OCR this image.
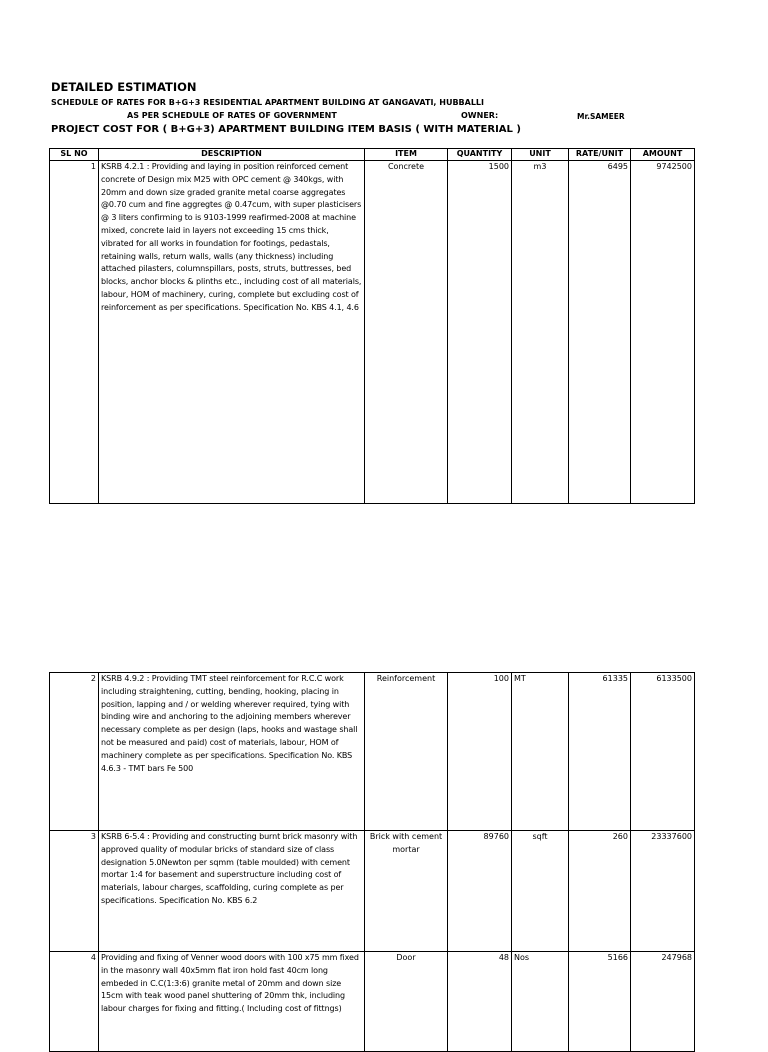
DETAILED ESTIMATION
SCHEDULE OF RATES FOR B+G+3 RESIDENTIAL APARTMENT BUILDING AT GANGAVATI, HUBBALLI
AS PER SCHEDULE OF RATES OF GOVERNMENT	OWNER:	Mr.SAMEER
PROJECT COST FOR ( B+G+3) APARTMENT BUILDING ITEM BASIS ( WITH MATERIAL )
SL NO	DESCRIPTION	ITEM	QUANTITY	UNIT	RATE/UNIT	AMOUNT
1	KSRB 4.2.1 : Providing and laying in position reinforced cement concrete of Design mix M25 with OPC cement @ 340kgs, with 20mm and down size graded granite metal coarse aggregates @0.70 cum and fine aggregtes @ 0.47cum, with super plasticisers @ 3 liters confirming to is 9103-1999 reafirmed-2008 at machine mixed, concrete laid in layers not exceeding 15 cms thick, vibrated for all works in foundation for footings, pedastals, retaining walls, return walls, walls (any thickness) including attached pilasters, columnspillars, posts, struts, buttresses, bed blocks, anchor blocks & plinths etc., including cost of all materials, labour, HOM of machinery, curing, complete but excluding cost of reinforcement as per specifications. Specification No. KBS 4.1, 4.6	Concrete	1500	m3	6495	9742500
2	KSRB 4.9.2 : Providing TMT steel reinforcement for R.C.C work including straightening, cutting, bending, hooking, placing in position, lapping and / or welding wherever required, tying with binding wire and anchoring to the adjoining members wherever necessary complete as per design (laps, hooks and wastage shall not be measured and paid) cost of materials, labour, HOM of machinery complete as per specifications. Specification No. KBS 4.6.3 - TMT bars Fe 500	Reinforcement	100	MT	61335	6133500
3	KSRB 6-5.4 : Providing and constructing burnt brick masonry with approved quality of modular bricks of standard size of class designation 5.0Newton per sqmm (table moulded) with cement mortar 1:4 for basement and superstructure including cost of materials, labour charges, scaffolding, curing complete as per specifications. Specification No. KBS 6.2	Brick with cement mortar	89760	sqft	260	23337600
4	Providing and fixing of Venner wood doors with 100 x75 mm fixed in the masonry wall 40x5mm flat iron hold fast 40cm long embeded in C.C(1:3:6) granite metal of 20mm and down size 15cm with teak wood panel shuttering of 20mm thk, including labour charges for fixing and fitting.( Including cost of fittngs)	Door	48	Nos	5166	247968
